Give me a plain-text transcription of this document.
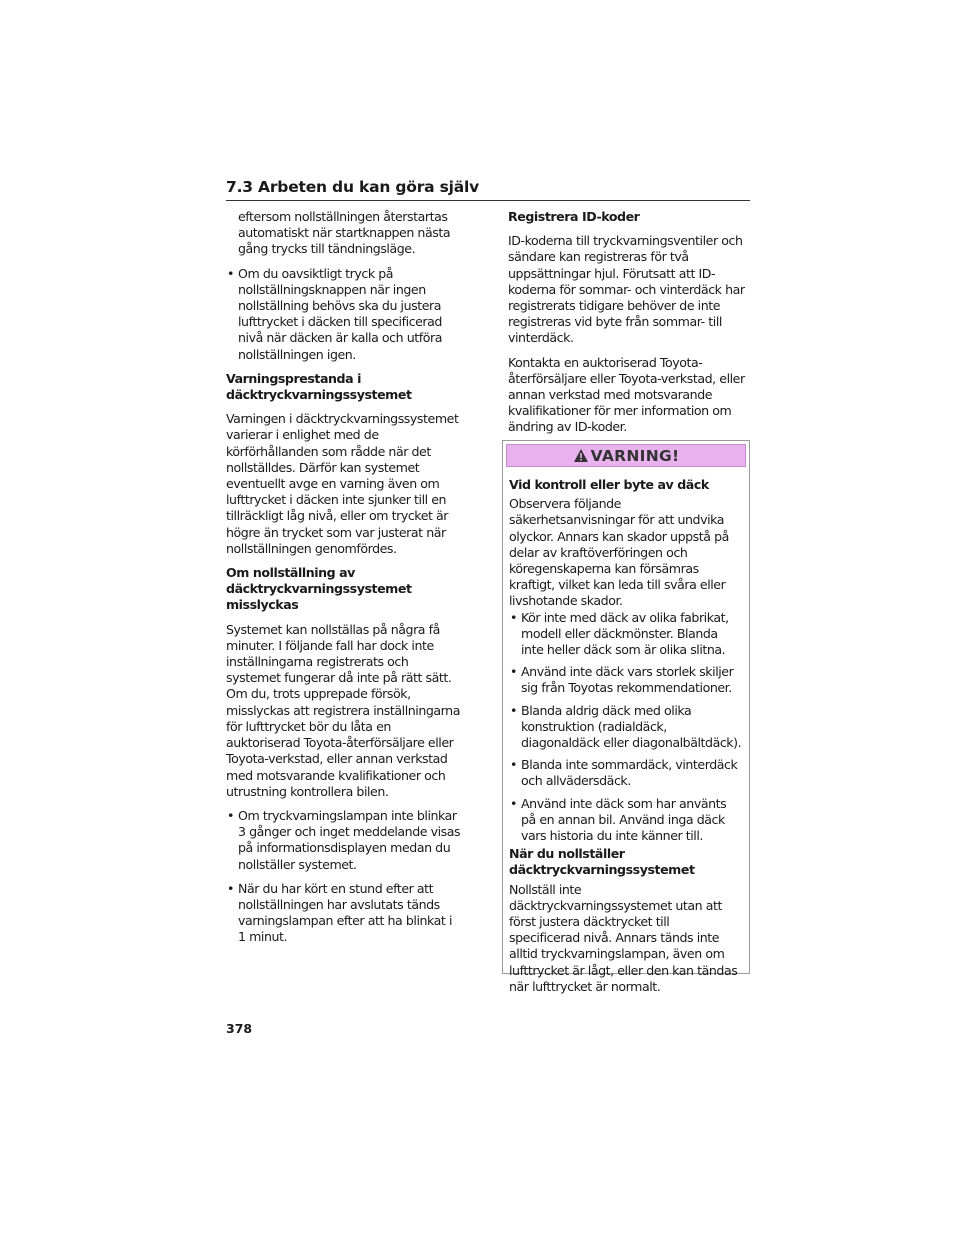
7.3 Arbeten du kan göra själv

eftersom nollställningen återstartas automatiskt när startknappen nästa gång trycks till tändningsläge.

• Om du oavsiktligt tryck på nollställningsknappen när ingen nollställning behövs ska du justera lufttrycket i däcken till specificerad nivå när däcken är kalla och utföra nollställningen igen.
Varningsprestanda i däcktryckvarningssystemet

Varningen i däcktryckvarningssystemet varierar i enlighet med de körförhållanden som rådde när det nollställdes. Därför kan systemet eventuellt avge en varning även om lufttrycket i däcken inte sjunker till en tillräckligt låg nivå, eller om trycket är högre än trycket som var justerat när nollställningen genomfördes.

Om nollställning av däcktryckvarningssystemet misslyckas

Systemet kan nollställas på några få minuter. I följande fall har dock inte inställningarna registrerats och systemet fungerar då inte på rätt sätt. Om du, trots upprepade försök, misslyckas att registrera inställningarna för lufttrycket bör du låta en auktoriserad Toyota-återförsäljare eller Toyota-verkstad, eller annan verkstad med motsvarande kvalifikationer och utrustning kontrollera bilen.

• Om tryckvarningslampan inte blinkar 3 gånger och inget meddelande visas på informationsdisplayen medan du nollställer systemet.
• När du har kört en stund efter att nollställningen har avslutats tänds varningslampan efter att ha blinkat i 1 minut.
Registrera ID-koder

ID-koderna till tryckvarningsventiler och sändare kan registreras för två uppsättningar hjul. Förutsatt att ID-koderna för sommar- och vinterdäck har registrerats tidigare behöver de inte registreras vid byte från sommar- till vinterdäck.

Kontakta en auktoriserad Toyota-återförsäljare eller Toyota-verkstad, eller annan verkstad med motsvarande kvalifikationer för mer information om ändring av ID-koder.

VARNING!
Vid kontroll eller byte av däck

Observera följande säkerhetsanvisningar för att undvika olyckor. Annars kan skador uppstå på delar av kraftöverföringen och köregenskaperna kan försämras kraftigt, vilket kan leda till svåra eller livshotande skador.

• Kör inte med däck av olika fabrikat, modell eller däckmönster. Blanda inte heller däck som är olika slitna.
• Använd inte däck vars storlek skiljer sig från Toyotas rekommendationer.
• Blanda aldrig däck med olika konstruktion (radialdäck, diagonaldäck eller diagonalbältdäck).
• Blanda inte sommardäck, vinterdäck och allvädersdäck.
• Använd inte däck som har använts på en annan bil. Använd inga däck vars historia du inte känner till.
När du nollställer däcktryckvarningssystemet

Nollställ inte däcktryckvarningssystemet utan att först justera däcktrycket till specificerad nivå. Annars tänds inte alltid tryckvarningslampan, även om lufttrycket är lågt, eller den kan tändas när lufttrycket är normalt.

378
